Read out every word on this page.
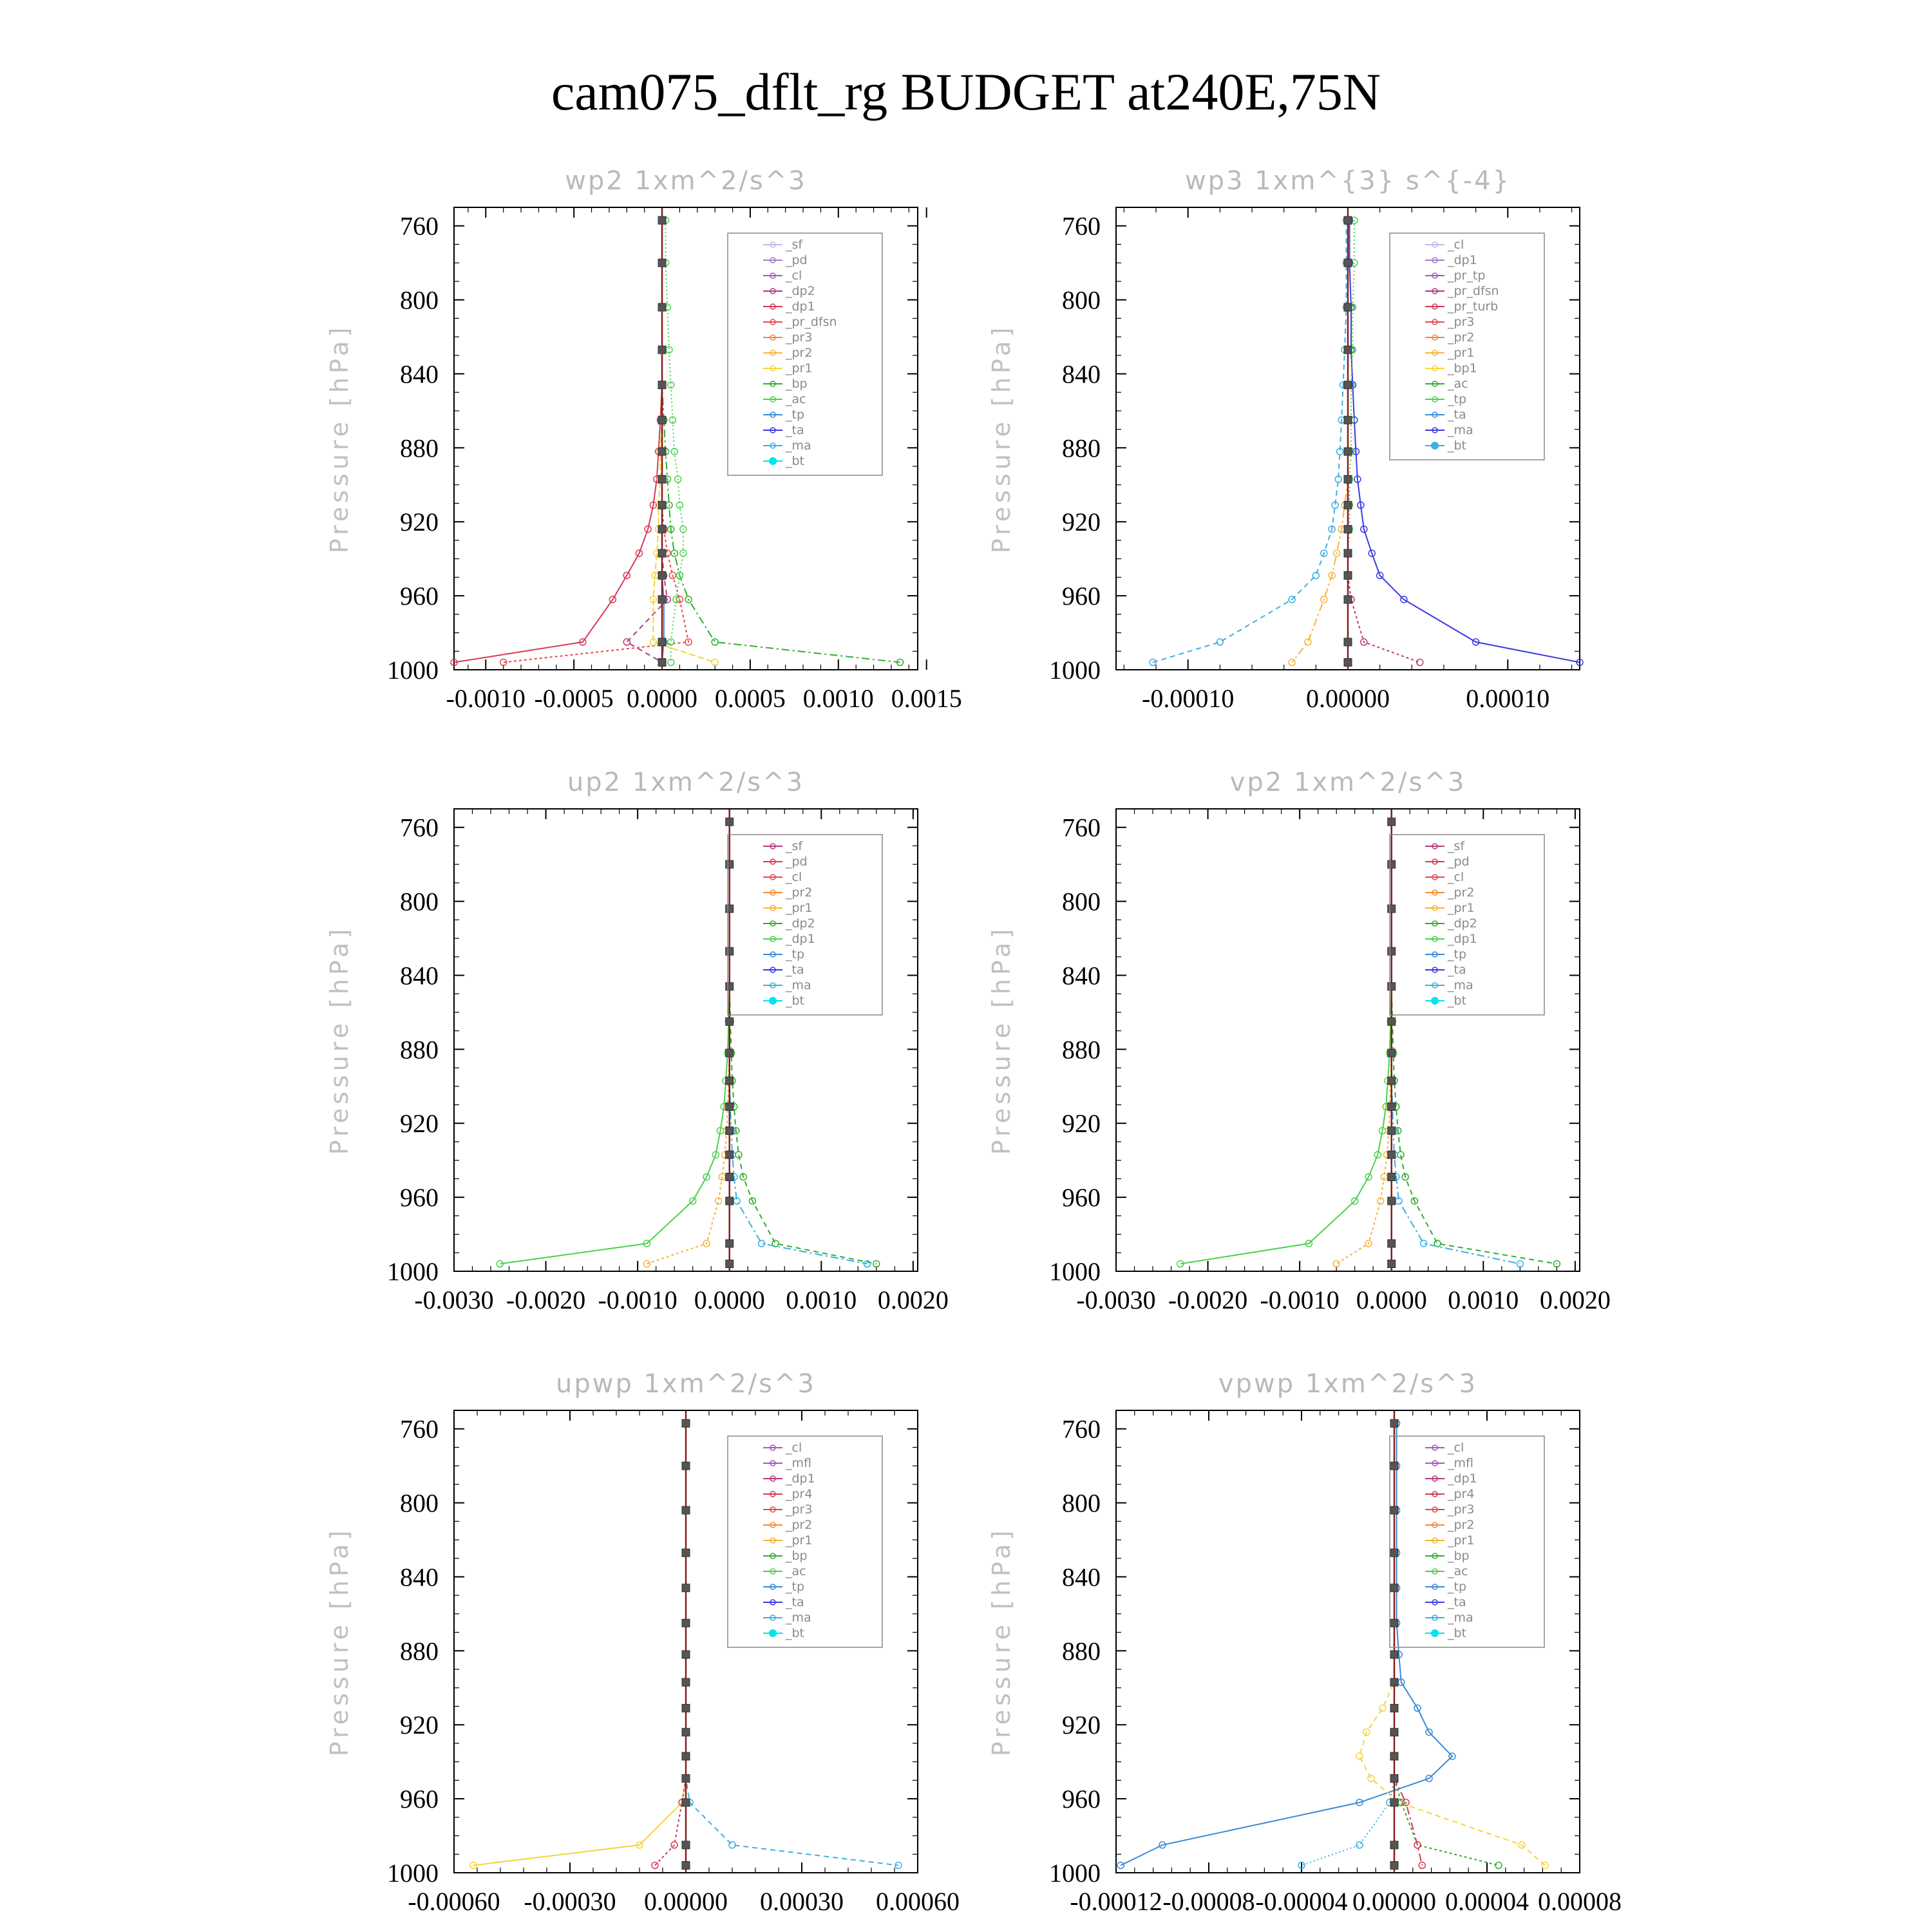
cam075_dflt_rg BUDGET at240E,75N
wp2 1xm^2/s^3
Pressure [hPa]
760
800
840
880
920
960
1000
-0.0010 -0.0005 0.0000 0.0005 0.0010 0.0015
_sf
_pd
_cl
_dp2
_dp1
_pr_dfsn
_pr3
_pr2
_pr1
_bp
_ac
_tp
_ta
_ma
_bt
wp3 1xm^{3} s^{-4}
Pressure [hPa]
760
800
840
880
920
960
1000
-0.00010	0.00000	0.00010
_cl
_dp1
_pr_tp
_pr_dfsn
_pr_turb
_pr3
_pr2
_pr1
_bp1
_ac
_tp
_ta
_ma
_bt
up2 1xm^2/s^3
Pressure [hPa]
760
800
840
880
920
960
1000
-0.0030 -0.0020 -0.0010 0.0000 0.0010 0.0020
_sf
_pd
_cl
_pr2
_pr1
_dp2
_dp1
_tp
_ta
_ma
_bt
vp2 1xm^2/s^3
Pressure [hPa]
760
800
840
880
920
960
1000
-0.0030 -0.0020 -0.0010 0.0000 0.0010 0.0020
_sf
_pd
_cl
_pr2
_pr1
_dp2
_dp1
_tp
_ta
_ma
_bt
upwp 1xm^2/s^3
Pressure [hPa]
760
800
840
880
920
960
1000
-0.00060 -0.00030 0.00000 0.00030 0.00060
_cl
_mfl
_dp1
_pr4
_pr3
_pr2
_pr1
_bp
_ac
_tp
_ta
_ma
_bt
vpwp 1xm^2/s^3
Pressure [hPa]
760
800
840
880
920
960
1000
-0.00012 -0.00008 -0.00004 0.00000 0.00004 0.00008
_cl
_mfl
_dp1
_pr4
_pr3
_pr2
_pr1
_bp
_ac
_tp
_ta
_ma
_bt
